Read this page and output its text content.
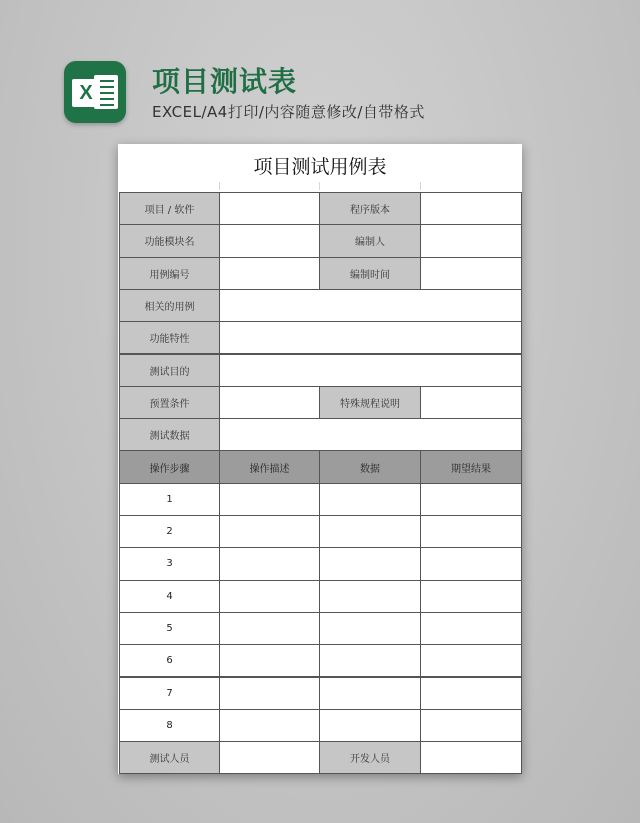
X 项目测试表
EXCEL/A4打印/内容随意修改/自带格式
项目测试用例表
项目 / 软件	程序版本
功能模块名	编制人
用例编号	编制时间
相关的用例
功能特性
测试目的
预置条件	特殊规程说明
测试数据
操作步骤	操作描述	数据	期望结果
1
2
3
4
5
6
7
8
测试人员	开发人员
